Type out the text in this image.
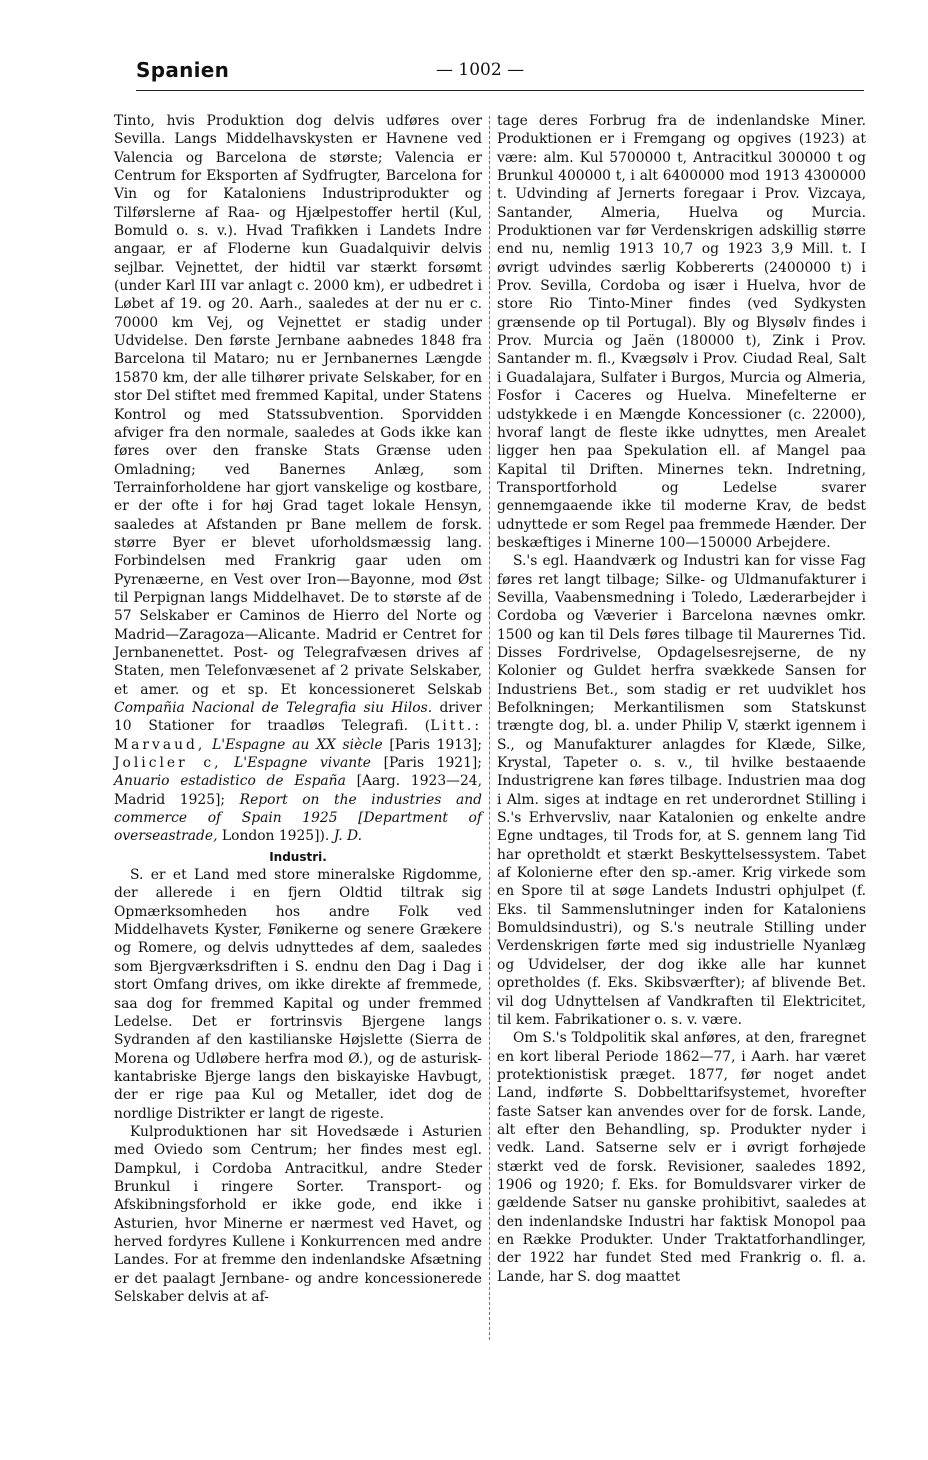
Spanien	— 1002 —

Tinto, hvis Produktion dog delvis udføres over Sevilla. Langs Middelhavskysten er Havnene ved Valencia og Barcelona de største; Valencia er Centrum for Eksporten af Sydfrugter, Barcelona for Vin og for Kataloniens Industriprodukter og Tilførslerne af Raa- og Hjælpestoffer hertil (Kul, Bomuld o. s. v.). Hvad Trafikken i Landets Indre angaar, er af Floderne kun Guadalquivir delvis sejlbar. Vejnettet, der hidtil var stærkt forsømt (under Karl III var anlagt c. 2000 km), er udbedret i Løbet af 19. og 20. Aarh., saaledes at der nu er c. 70000 km Vej, og Vejnettet er stadig under Udvidelse. Den første Jernbane aabnedes 1848 fra Barcelona til Mataro; nu er Jernbanernes Længde 15870 km, der alle tilhører private Selskaber, for en stor Del stiftet med fremmed Kapital, under Statens Kontrol og med Statssubvention. Sporvidden afviger fra den normale, saaledes at Gods ikke kan føres over den franske Stats Grænse uden Omladning; ved Banernes Anlæg, som Terrainforholdene har gjort vanskelige og kostbare, er der ofte i for høj Grad taget lokale Hensyn, saaledes at Afstanden pr Bane mellem de forsk. større Byer er blevet uforholdsmæssig lang. Forbindelsen med Frankrig gaar uden om Pyrenæerne, en Vest over Iron—Bayonne, mod Øst til Perpignan langs Middelhavet. De to største af de 57 Selskaber er Caminos de Hierro del Norte og Madrid—Zaragoza—Alicante. Madrid er Centret for Jernbanenettet. Post- og Telegrafvæsen drives af Staten, men Telefonvæsenet af 2 private Selskaber, et amer. og et sp. Et koncessioneret Selskab Compañia Nacional de Telegrafia siu Hilos. driver 10 Stationer for traadløs Telegrafi. (Litt.: Marvaud, L'Espagne au XX siècle [Paris 1913]; Jolicler c, L'Espagne vivante [Paris 1921]; Anuario estadistico de España [Aarg. 1923—24, Madrid 1925]; Report on the industries and commerce of Spain 1925 [Department of overseastrade, London 1925]). J. D.

Industri.

S. er et Land med store mineralske Rigdomme, der allerede i en fjern Oldtid tiltrak sig Opmærksomheden hos andre Folk ved Middelhavets Kyster, Fønikerne og senere Grækere og Romere, og delvis udnyttedes af dem, saaledes som Bjergværksdriften i S. endnu den Dag i Dag i stort Omfang drives, om ikke direkte af fremmede, saa dog for fremmed Kapital og under fremmed Ledelse. Det er fortrinsvis Bjergene langs Sydranden af den kastilianske Højslette (Sierra de Morena og Udløbere herfra mod Ø.), og de asturisk-kantabriske Bjerge langs den biskayiske Havbugt, der er rige paa Kul og Metaller, idet dog de nordlige Distrikter er langt de rigeste.

Kulproduktionen har sit Hovedsæde i Asturien med Oviedo som Centrum; her findes mest egl. Dampkul, i Cordoba Antracitkul, andre Steder Brunkul i ringere Sorter. Transport- og Afskibningsforhold er ikke gode, end ikke i Asturien, hvor Minerne er nærmest ved Havet, og herved fordyres Kullene i Konkurrencen med andre Landes. For at fremme den indenlandske Afsætning er det paalagt Jernbane- og andre koncessionerede Selskaber delvis at af-

tage deres Forbrug fra de indenlandske Miner. Produktionen er i Fremgang og opgives (1923) at være: alm. Kul 5700000 t, Antracitkul 300000 t og Brunkul 400000 t, i alt 6400000 mod 1913 4300000 t. Udvinding af Jernerts foregaar i Prov. Vizcaya, Santander, Almeria, Huelva og Murcia. Produktionen var før Verdenskrigen adskillig større end nu, nemlig 1913 10,7 og 1923 3,9 Mill. t. I øvrigt udvindes særlig Kobbererts (2400000 t) i Prov. Sevilla, Cordoba og især i Huelva, hvor de store Rio Tinto-Miner findes (ved Sydkysten grænsende op til Portugal). Bly og Blysølv findes i Prov. Murcia og Jaën (180000 t), Zink i Prov. Santander m. fl., Kvægsølv i Prov. Ciudad Real, Salt i Guadalajara, Sulfater i Burgos, Murcia og Almeria, Fosfor i Caceres og Huelva. Minefelterne er udstykkede i en Mængde Koncessioner (c. 22000), hvoraf langt de fleste ikke udnyttes, men Arealet ligger hen paa Spekulation ell. af Mangel paa Kapital til Driften. Minernes tekn. Indretning, Transportforhold og Ledelse svarer gennemgaaende ikke til moderne Krav, de bedst udnyttede er som Regel paa fremmede Hænder. Der beskæftiges i Minerne 100—150000 Arbejdere.

S.'s egl. Haandværk og Industri kan for visse Fag føres ret langt tilbage; Silke- og Uldmanufakturer i Sevilla, Vaabensmedning i Toledo, Læderarbejder i Cordoba og Væverier i Barcelona nævnes omkr. 1500 og kan til Dels føres tilbage til Maurernes Tid. Disses Fordrivelse, Opdagelsesrejserne, de ny Kolonier og Guldet herfra svækkede Sansen for Industriens Bet., som stadig er ret uudviklet hos Befolkningen; Merkantilismen som Statskunst trængte dog, bl. a. under Philip V, stærkt igennem i S., og Manufakturer anlagdes for Klæde, Silke, Krystal, Tapeter o. s. v., til hvilke bestaaende Industrigrene kan føres tilbage. Industrien maa dog i Alm. siges at indtage en ret underordnet Stilling i S.'s Erhvervsliv, naar Katalonien og enkelte andre Egne undtages, til Trods for, at S. gennem lang Tid har opretholdt et stærkt Beskyttelsessystem. Tabet af Kolonierne efter den sp.-amer. Krig virkede som en Spore til at søge Landets Industri ophjulpet (f. Eks. til Sammenslutninger inden for Kataloniens Bomuldsindustri), og S.'s neutrale Stilling under Verdenskrigen førte med sig industrielle Nyanlæg og Udvidelser, der dog ikke alle har kunnet opretholdes (f. Eks. Skibsværfter); af blivende Bet. vil dog Udnyttelsen af Vandkraften til Elektricitet, til kem. Fabrikationer o. s. v. være.

Om S.'s Toldpolitik skal anføres, at den, fraregnet en kort liberal Periode 1862—77, i Aarh. har været protektionistisk præget. 1877, før noget andet Land, indførte S. Dobbelttarifsystemet, hvorefter faste Satser kan anvendes over for de forsk. Lande, alt efter den Behandling, sp. Produkter nyder i vedk. Land. Satserne selv er i øvrigt forhøjede stærkt ved de forsk. Revisioner, saaledes 1892, 1906 og 1920; f. Eks. for Bomuldsvarer virker de gældende Satser nu ganske prohibitivt, saaledes at den indenlandske Industri har faktisk Monopol paa en Række Produkter. Under Traktatforhandlinger, der 1922 har fundet Sted med Frankrig o. fl. a. Lande, har S. dog maattet
